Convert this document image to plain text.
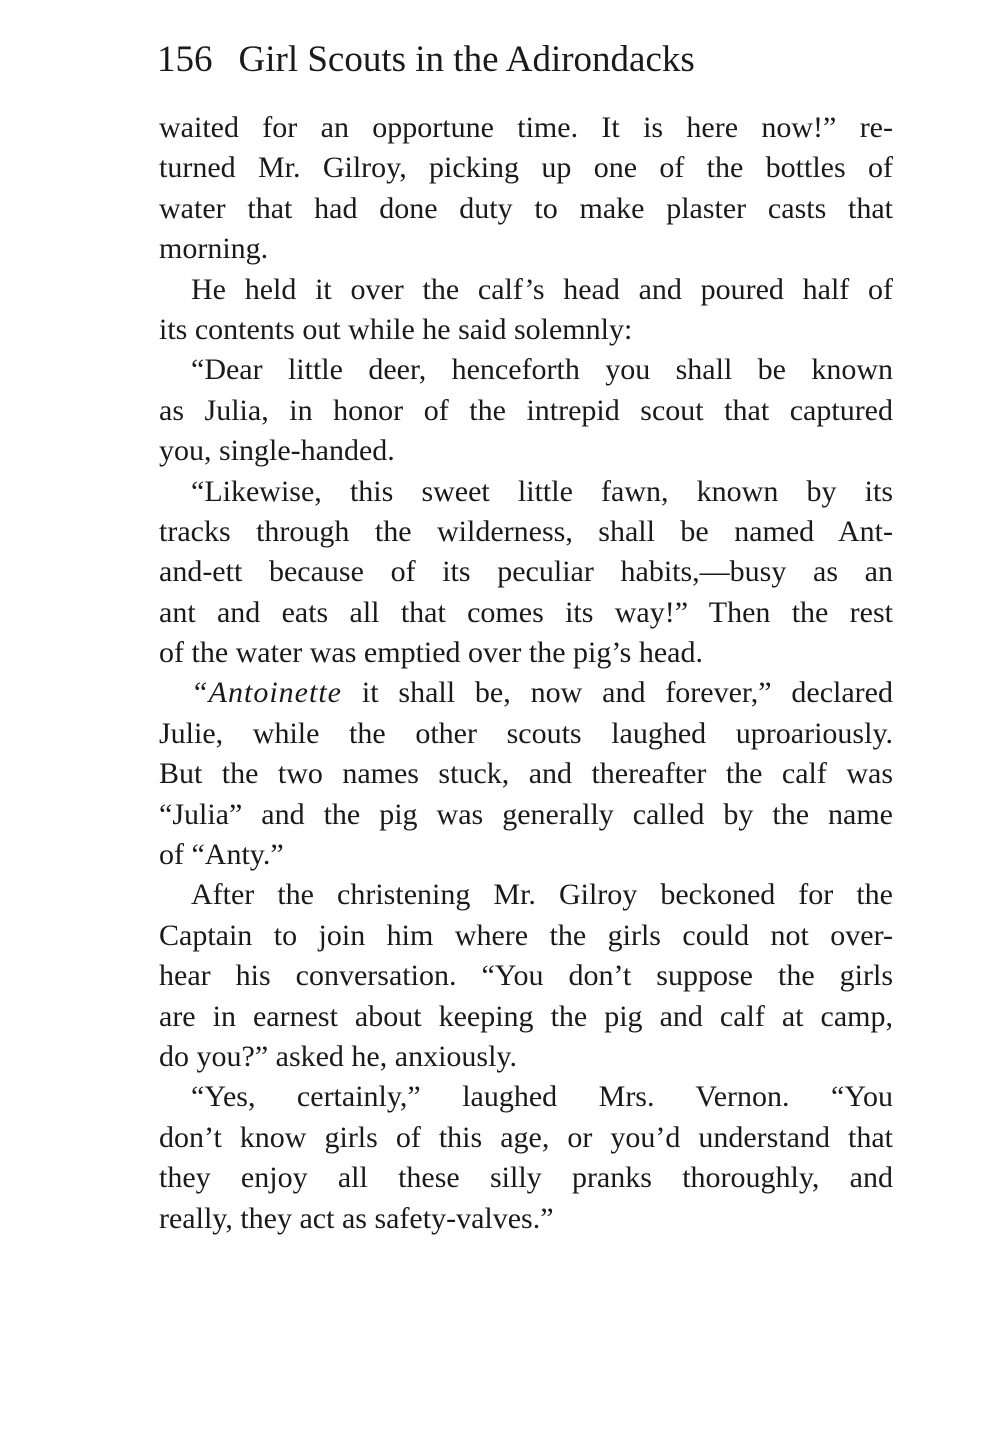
156 Girl Scouts in the Adirondacks
waited for an opportune time. It is here now!” re-
turned Mr. Gilroy, picking up one of the bottles of
water that had done duty to make plaster casts that
morning.
He held it over the calf’s head and poured half of
its contents out while he said solemnly:
“Dear little deer, henceforth you shall be known
as Julia, in honor of the intrepid scout that captured
you, single-handed.
“Likewise, this sweet little fawn, known by its
tracks through the wilderness, shall be named Ant-
and-ett because of its peculiar habits,—busy as an
ant and eats all that comes its way!” Then the rest
of the water was emptied over the pig’s head.
“Antoinette it shall be, now and forever,” declared
Julie, while the other scouts laughed uproariously.
But the two names stuck, and thereafter the calf was
“Julia” and the pig was generally called by the name
of “Anty.”
After the christening Mr. Gilroy beckoned for the
Captain to join him where the girls could not over-
hear his conversation. “You don’t suppose the girls
are in earnest about keeping the pig and calf at camp,
do you?” asked he, anxiously.
“Yes, certainly,” laughed Mrs. Vernon. “You
don’t know girls of this age, or you’d understand that
they enjoy all these silly pranks thoroughly, and
really, they act as safety-valves.”
